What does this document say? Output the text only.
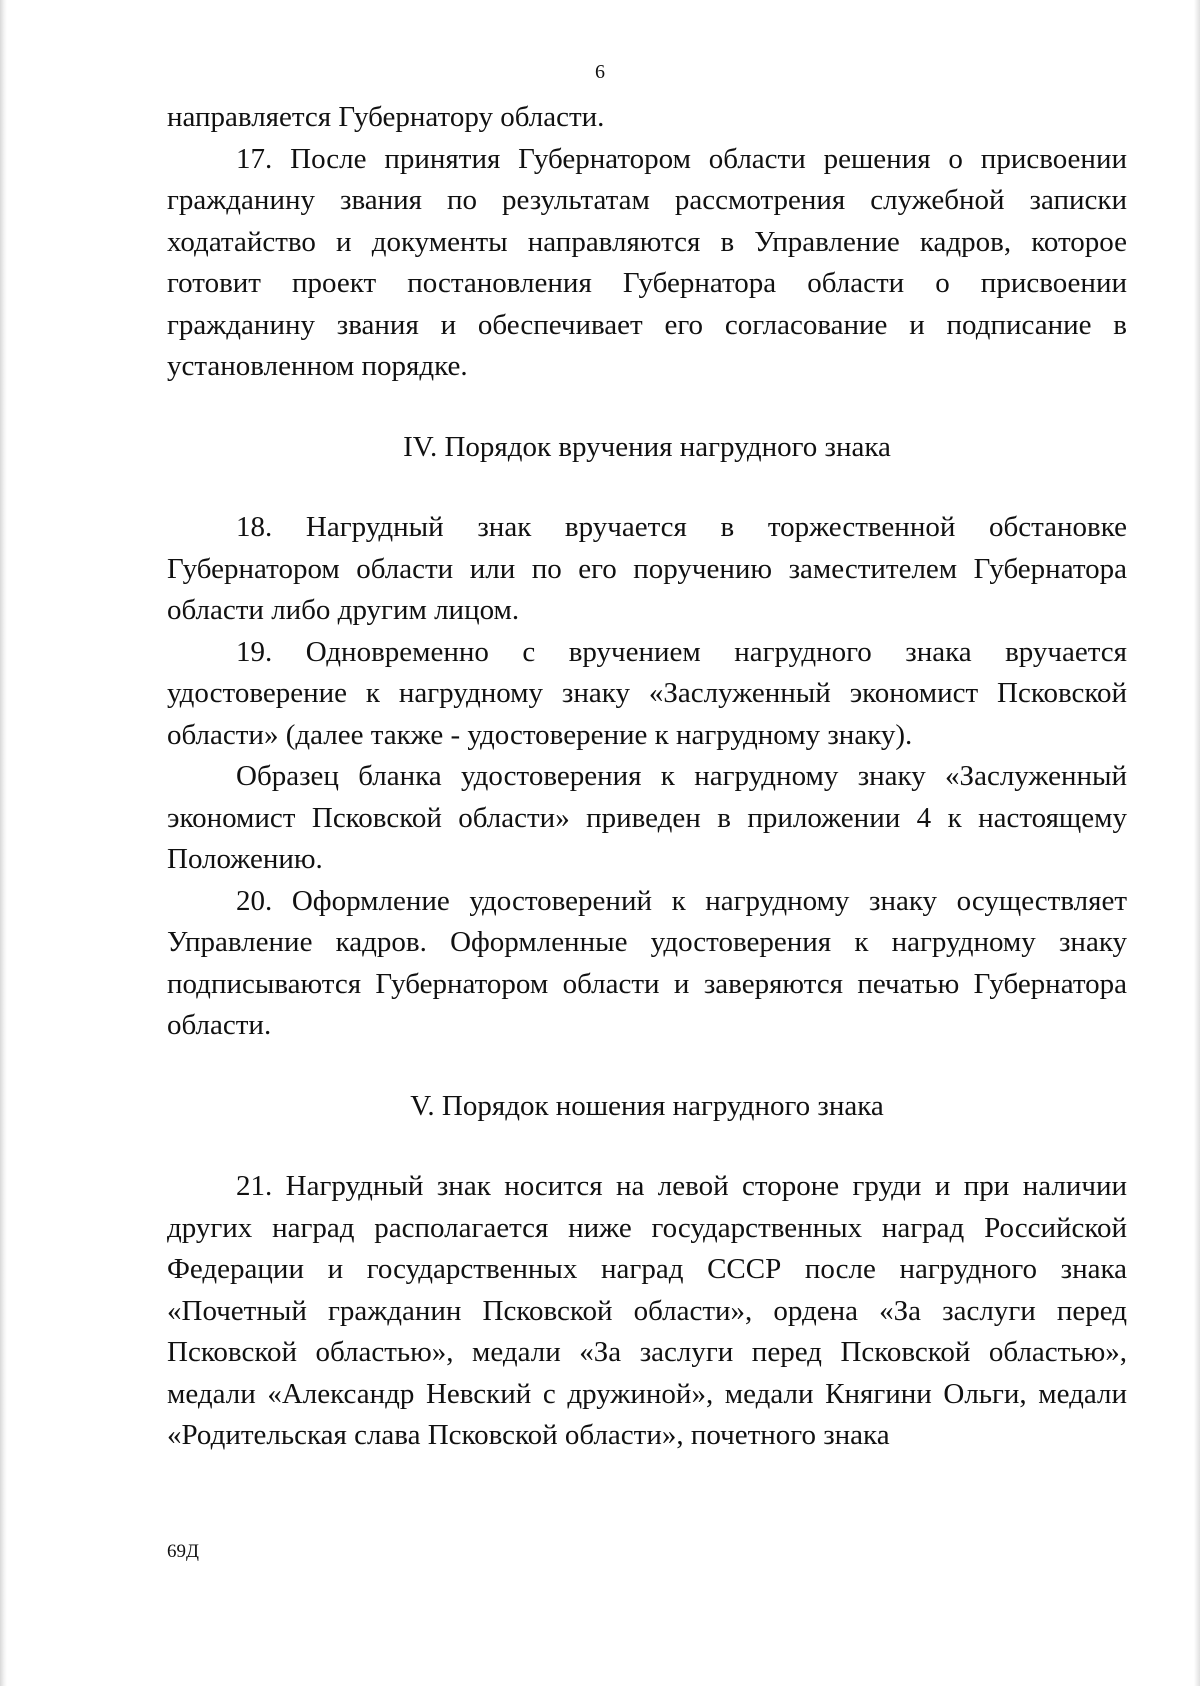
6

направляется Губернатору области.

17. После принятия Губернатором области решения о присвоении гражданину звания по результатам рассмотрения служебной записки ходатайство и документы направляются в Управление кадров, которое готовит проект постановления Губернатора области о присвоении гражданину звания и обеспечивает его согласование и подписание в установленном порядке.

IV. Порядок вручения нагрудного знака

18. Нагрудный знак вручается в торжественной обстановке Губернатором области или по его поручению заместителем Губернатора области либо другим лицом.

19. Одновременно с вручением нагрудного знака вручается удостоверение к нагрудному знаку «Заслуженный экономист Псковской области» (далее также - удостоверение к нагрудному знаку).

Образец бланка удостоверения к нагрудному знаку «Заслуженный экономист Псковской области» приведен в приложении 4 к настоящему Положению.

20. Оформление удостоверений к нагрудному знаку осуществляет Управление кадров. Оформленные удостоверения к нагрудному знаку подписываются Губернатором области и заверяются печатью Губернатора области.

V. Порядок ношения нагрудного знака

21. Нагрудный знак носится на левой стороне груди и при наличии других наград располагается ниже государственных наград Российской Федерации и государственных наград СССР после нагрудного знака «Почетный гражданин Псковской области», ордена «За заслуги перед Псковской областью», медали «За заслуги перед Псковской областью», медали «Александр Невский с дружиной», медали Княгини Ольги, медали «Родительская слава Псковской области», почетного знака

69Д
